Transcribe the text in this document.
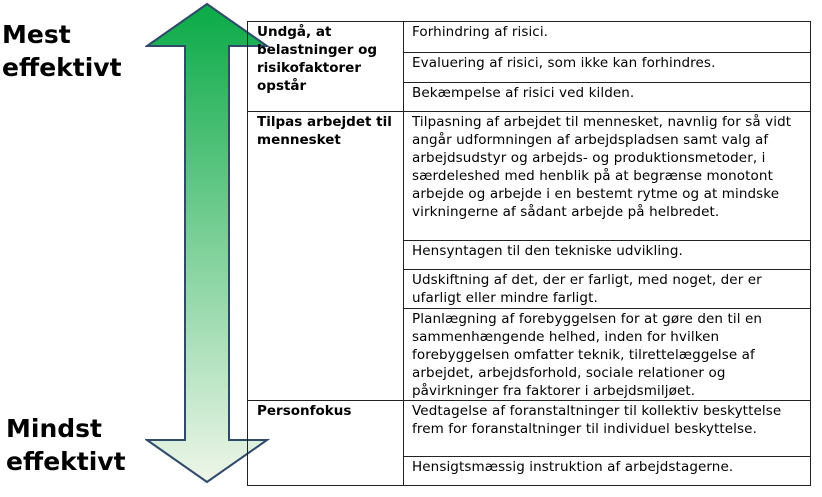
Mest
effektivt
Mindst
effektivt
Undgå, at belastninger og risikofaktorer opstår	Forhindring af risici.
	Evaluering af risici, som ikke kan forhindres.
	Bekæmpelse af risici ved kilden.
Tilpas arbejdet til mennesket	Tilpasning af arbejdet til mennesket, navnlig for så vidt angår udformningen af arbejdspladsen samt valg af arbejdsudstyr og arbejds- og produktionsmetoder, i særdeleshed med henblik på at begrænse monotont arbejde og arbejde i en bestemt rytme og at mindske virkningerne af sådant arbejde på helbredet.
	Hensyntagen til den tekniske udvikling.
	Udskiftning af det, der er farligt, med noget, der er ufarligt eller mindre farligt.
	Planlægning af forebyggelsen for at gøre den til en sammenhængende helhed, inden for hvilken forebyggelsen omfatter teknik, tilrettelæggelse af arbejdet, arbejdsforhold, sociale relationer og påvirkninger fra faktorer i arbejdsmiljøet.
Personfokus	Vedtagelse af foranstaltninger til kollektiv beskyttelse frem for foranstaltninger til individuel beskyttelse.
	Hensigtsmæssig instruktion af arbejdstagerne.
